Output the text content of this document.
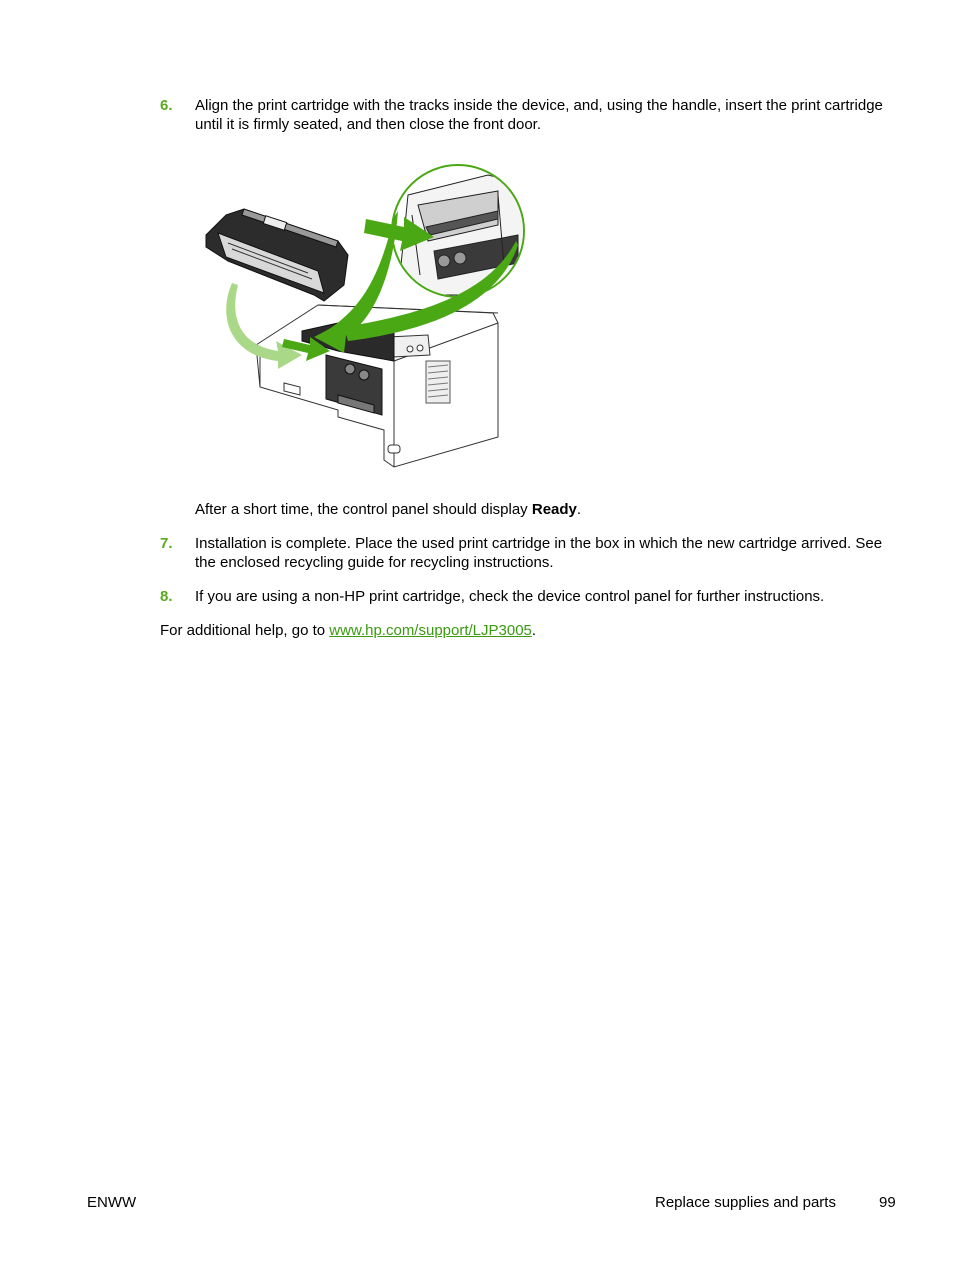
6. Align the print cartridge with the tracks inside the device, and, using the handle, insert the print cartridge until it is firmly seated, and then close the front door.
After a short time, the control panel should display Ready.
7. Installation is complete. Place the used print cartridge in the box in which the new cartridge arrived. See the enclosed recycling guide for recycling instructions.
8. If you are using a non-HP print cartridge, check the device control panel for further instructions.
For additional help, go to www.hp.com/support/LJP3005.
ENWW	Replace supplies and parts	99
